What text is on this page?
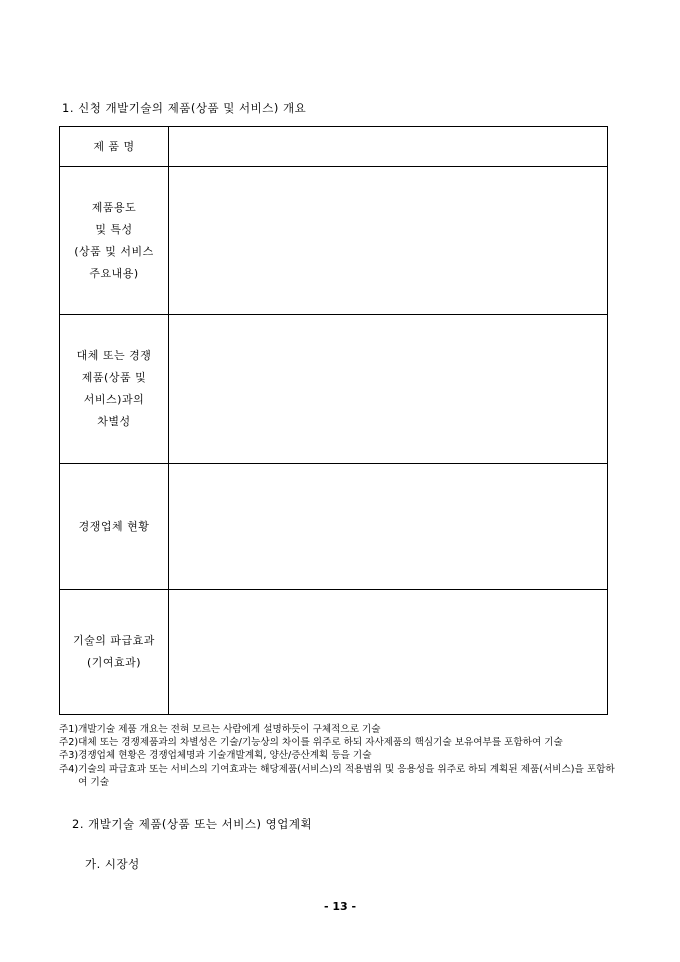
1. 신청 개발기술의 제품(상품 및 서비스) 개요
제 품 명	

제품용도
및 특성
(상품 및 서비스
주요내용)	

대체 또는 경쟁
제품(상품 및
서비스)과의
차별성	

경쟁업체 현황	

기술의 파급효과
(기여효과)	

주1) 개발기술 제품 개요는 전혀 모르는 사람에게 설명하듯이 구체적으로 기술
주2) 대체 또는 경쟁제품과의 차별성은 기술/기능상의 차이를 위주로 하되 자사제품의 핵심기술 보유여부를 포함하여 기술
주3) 경쟁업체 현황은 경쟁업체명과 기술개발계획, 양산/증산계획 등을 기술
주4) 기술의 파급효과 또는 서비스의 기여효과는 해당제품(서비스)의 적용범위 및 응용성을 위주로 하되 계획된 제품(서비스)을 포함하여 기술
2. 개발기술 제품(상품 또는 서비스) 영업계획
가. 시장성
- 13 -
